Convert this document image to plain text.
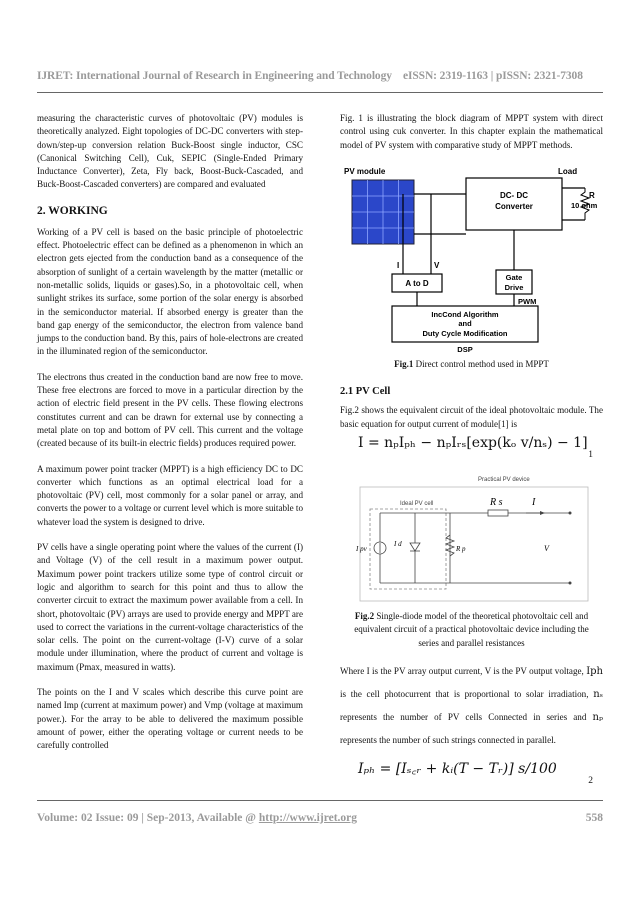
IJRET: International Journal of Research in Engineering and Technology eISSN: 2319-1163 | pISSN: 2321-7308

measuring the characteristic curves of photovoltaic (PV) modules is theoretically analyzed. Eight topologies of DC-DC converters with step-down/step-up conversion relation Buck-Boost single inductor, CSC (Canonical Switching Cell), Cuk, SEPIC (Single-Ended Primary Inductance Converter), Zeta, Fly back, Boost-Buck-Cascaded, and Buck-Boost-Cascaded converters) are compared and evaluated

2. WORKING

Working of a PV cell is based on the basic principle of photoelectric effect. Photoelectric effect can be defined as a phenomenon in which an electron gets ejected from the conduction band as a consequence of the absorption of sunlight of a certain wavelength by the matter (metallic or non-metallic solids, liquids or gases).So, in a photovoltaic cell, when sunlight strikes its surface, some portion of the solar energy is absorbed in the semiconductor material. If absorbed energy is greater than the band gap energy of the semiconductor, the electron from valence band jumps to the conduction band. By this, pairs of hole-electrons are created in the illuminated region of the semiconductor.

The electrons thus created in the conduction band are now free to move. These free electrons are forced to move in a particular direction by the action of electric field present in the PV cells. These flowing electrons constitutes current and can be drawn for external use by connecting a metal plate on top and bottom of PV cell. This current and the voltage (created because of its built-in electric fields) produces required power.

A maximum power point tracker (MPPT) is a high efficiency DC to DC converter which functions as an optimal electrical load for a photovoltaic (PV) cell, most commonly for a solar panel or array, and converts the power to a voltage or current level which is more suitable to whatever load the system is designed to drive.

PV cells have a single operating point where the values of the current (I) and Voltage (V) of the cell result in a maximum power output. Maximum power point trackers utilize some type of control circuit or logic and algorithm to search for this point and thus to allow the converter circuit to extract the maximum power available from a cell. In short, photovoltaic (PV) arrays are used to provide energy and MPPT are used to correct the variations in the current-voltage characteristics of the solar cells. The point on the current-voltage (I-V) curve of a solar module under illumination, where the product of current and voltage is maximum (Pmax, measured in watts).

The points on the I and V scales which describe this curve point are named Imp (current at maximum power) and Vmp (voltage at maximum power.). For the array to be able to delivered the maximum possible amount of power, either the operating voltage or current needs to be carefully controlled

Fig. 1 is illustrating the block diagram of MPPT system with direct control using cuk converter. In this chapter explain the mathematical model of PV system with comparative study of MPPT methods.

PV module
DC- DC
Converter
Load
R
10 ohm
I	V
A to D
Gate
Drive
PWM
IncCond Algorithm
and
Duty Cycle Modification
DSP

Fig.1 Direct control method used in MPPT

2.1 PV Cell

Fig.2 shows the equivalent circuit of the ideal photovoltaic module. The basic equation for output current of module[1] is

I = nₚIₚₕ − nₚIᵣₛ[exp(kₒ v/nₛ) − 1]
1
Practical PV device
Ideal PV cell
I pv
I d
R p
R s	I
V

Fig.2 Single-diode model of the theoretical photovoltaic cell and equivalent circuit of a practical photovoltaic device including the series and parallel resistances

Where I is the PV array output current, V is the PV output voltage, Iph is the cell photocurrent that is proportional to solar irradiation, nₛ represents the number of PV cells Connected in series and nₚ represents the number of such strings connected in parallel.

Iₚₕ = [Iₛ꜀ᵣ + kᵢ(T − Tᵣ)] s/100
2
Volume: 02 Issue: 09 | Sep-2013, Available @ http://www.ijret.org	558
